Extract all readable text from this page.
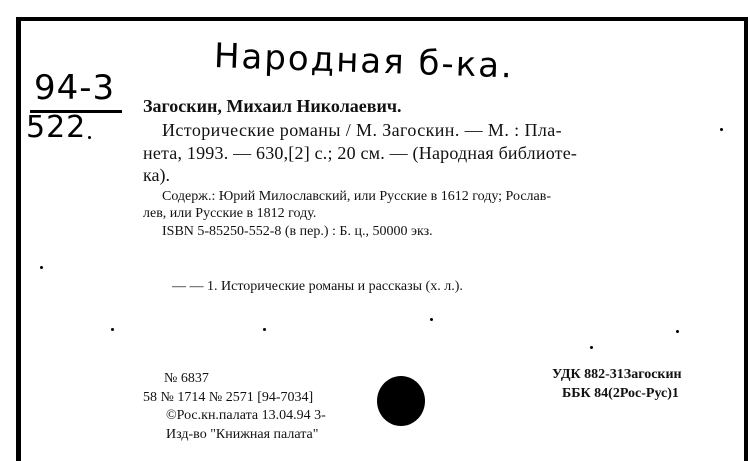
Народная б-ка.
94-3
522
Загоскин, Михаил Николаевич.
Исторические романы / М. Загоскин. — М. : Пла-
нета, 1993. — 630,[2] с.; 20 см. — (Народная библиоте-
ка).
Содерж.: Юрий Милославский, или Русские в 1612 году; Рослав-
лев, или Русские в 1812 году.
ISBN 5-85250-552-8 (в пер.) : Б. ц., 50000 экз.
— — 1. Исторические романы и рассказы (х. л.).
№ 6837
58 № 1714 № 2571 [94-7034]
©Рос.кн.палата 13.04.94 3-
Изд-во "Книжная палата"
УДК 882-31Загоскин
ББК 84(2Рос-Рус)1
